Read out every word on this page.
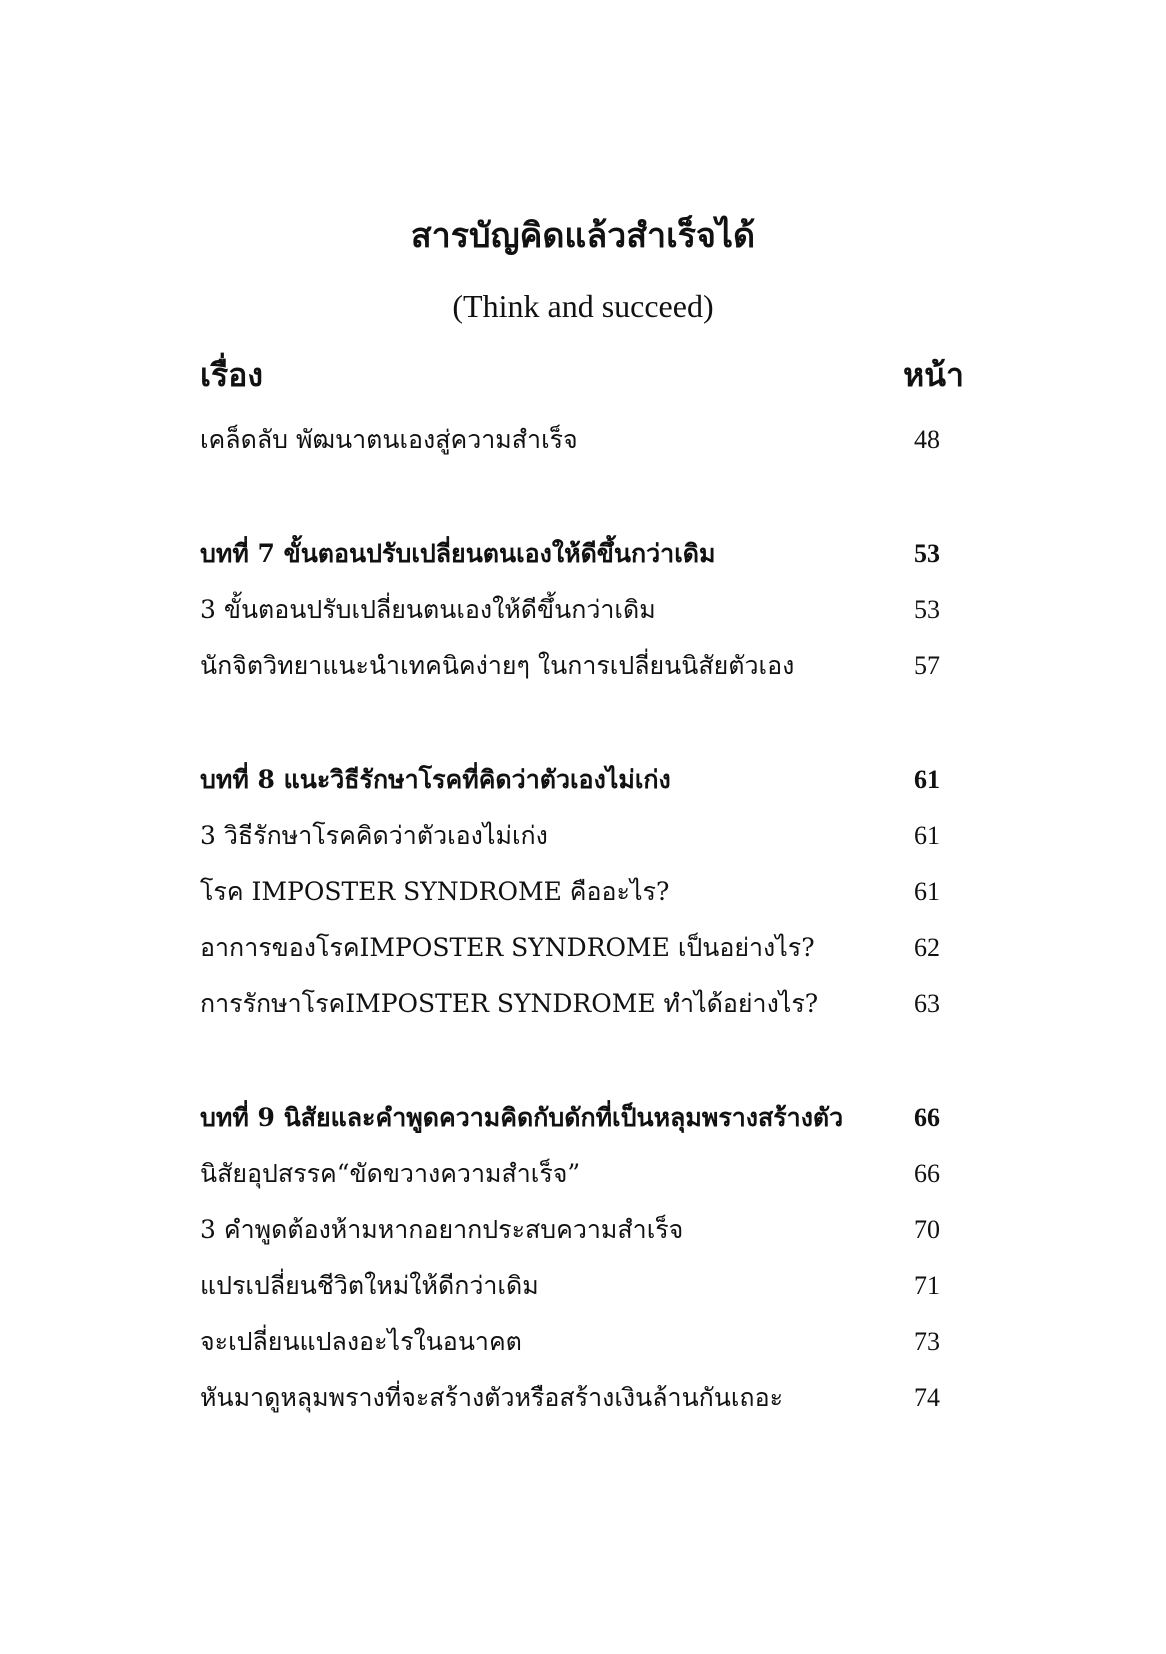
สารบัญคิดแล้วสำเร็จได้
(Think and succeed)
เรื่อง	หน้า
เคล็ดลับ พัฒนาตนเองสู่ความสำเร็จ	48
บทที่ 7 ขั้นตอนปรับเปลี่ยนตนเองให้ดีขึ้นกว่าเดิม	53
3 ขั้นตอนปรับเปลี่ยนตนเองให้ดีขึ้นกว่าเดิม	53
นักจิตวิทยาแนะนำเทคนิคง่ายๆ ในการเปลี่ยนนิสัยตัวเอง	57
บทที่ 8 แนะวิธีรักษาโรคที่คิดว่าตัวเองไม่เก่ง	61
3 วิธีรักษาโรคคิดว่าตัวเองไม่เก่ง	61
โรค IMPOSTER SYNDROME คืออะไร?	61
อาการของโรคIMPOSTER SYNDROME เป็นอย่างไร?	62
การรักษาโรคIMPOSTER SYNDROME ทำได้อย่างไร?	63
บทที่ 9 นิสัยและคำพูดความคิดกับดักที่เป็นหลุมพรางสร้างตัว	66
นิสัยอุปสรรค“ขัดขวางความสำเร็จ”	66
3 คำพูดต้องห้ามหากอยากประสบความสำเร็จ	70
แปรเปลี่ยนชีวิตใหม่ให้ดีกว่าเดิม	71
จะเปลี่ยนแปลงอะไรในอนาคต	73
หันมาดูหลุมพรางที่จะสร้างตัวหรือสร้างเงินล้านกันเถอะ	74
